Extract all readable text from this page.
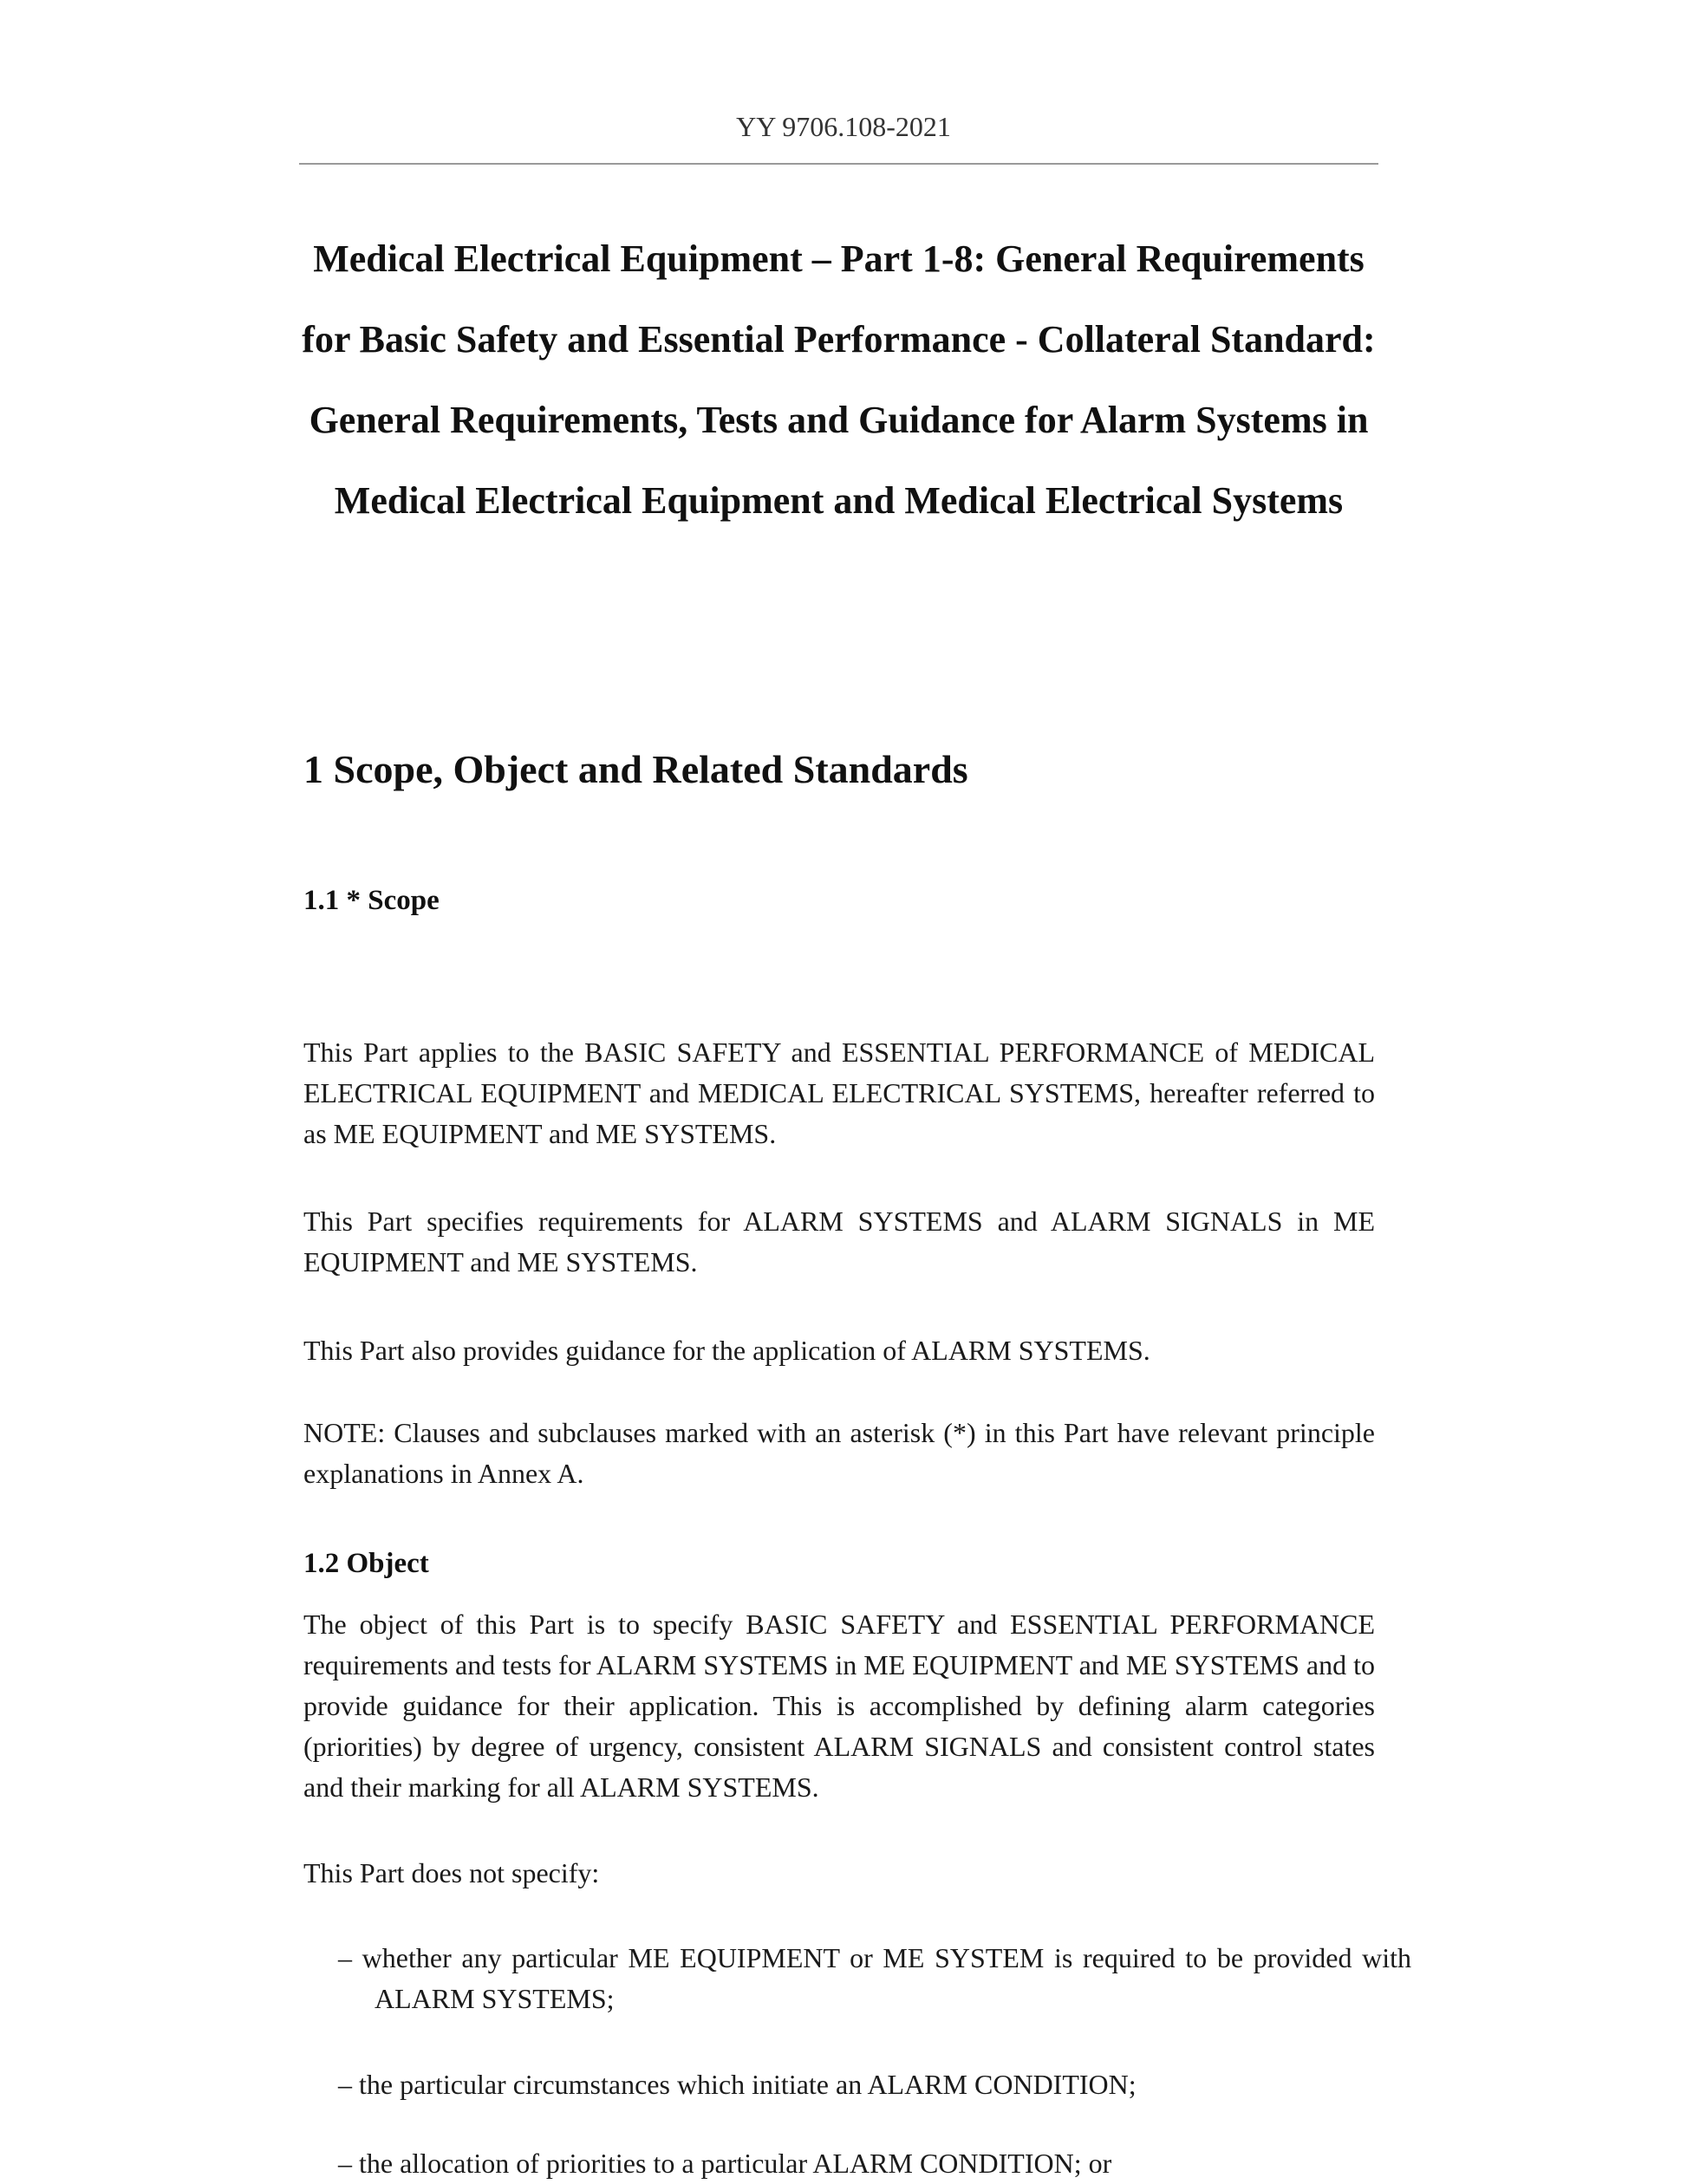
YY 9706.108-2021
Medical Electrical Equipment – Part 1-8: General Requirements for Basic Safety and Essential Performance - Collateral Standard: General Requirements, Tests and Guidance for Alarm Systems in Medical Electrical Equipment and Medical Electrical Systems
1 Scope, Object and Related Standards
1.1 * Scope

This Part applies to the BASIC SAFETY and ESSENTIAL PERFORMANCE of MEDICAL ELECTRICAL EQUIPMENT and MEDICAL ELECTRICAL SYSTEMS, hereafter referred to as ME EQUIPMENT and ME SYSTEMS.

This Part specifies requirements for ALARM SYSTEMS and ALARM SIGNALS in ME EQUIPMENT and ME SYSTEMS.

This Part also provides guidance for the application of ALARM SYSTEMS.

NOTE: Clauses and subclauses marked with an asterisk (*) in this Part have relevant principle explanations in Annex A.

1.2 Object

The object of this Part is to specify BASIC SAFETY and ESSENTIAL PERFORMANCE requirements and tests for ALARM SYSTEMS in ME EQUIPMENT and ME SYSTEMS and to provide guidance for their application. This is accomplished by defining alarm categories (priorities) by degree of urgency, consistent ALARM SIGNALS and consistent control states and their marking for all ALARM SYSTEMS.

This Part does not specify:

– whether any particular ME EQUIPMENT or ME SYSTEM is required to be provided with ALARM SYSTEMS;

– the particular circumstances which initiate an ALARM CONDITION;

– the allocation of priorities to a particular ALARM CONDITION; or
